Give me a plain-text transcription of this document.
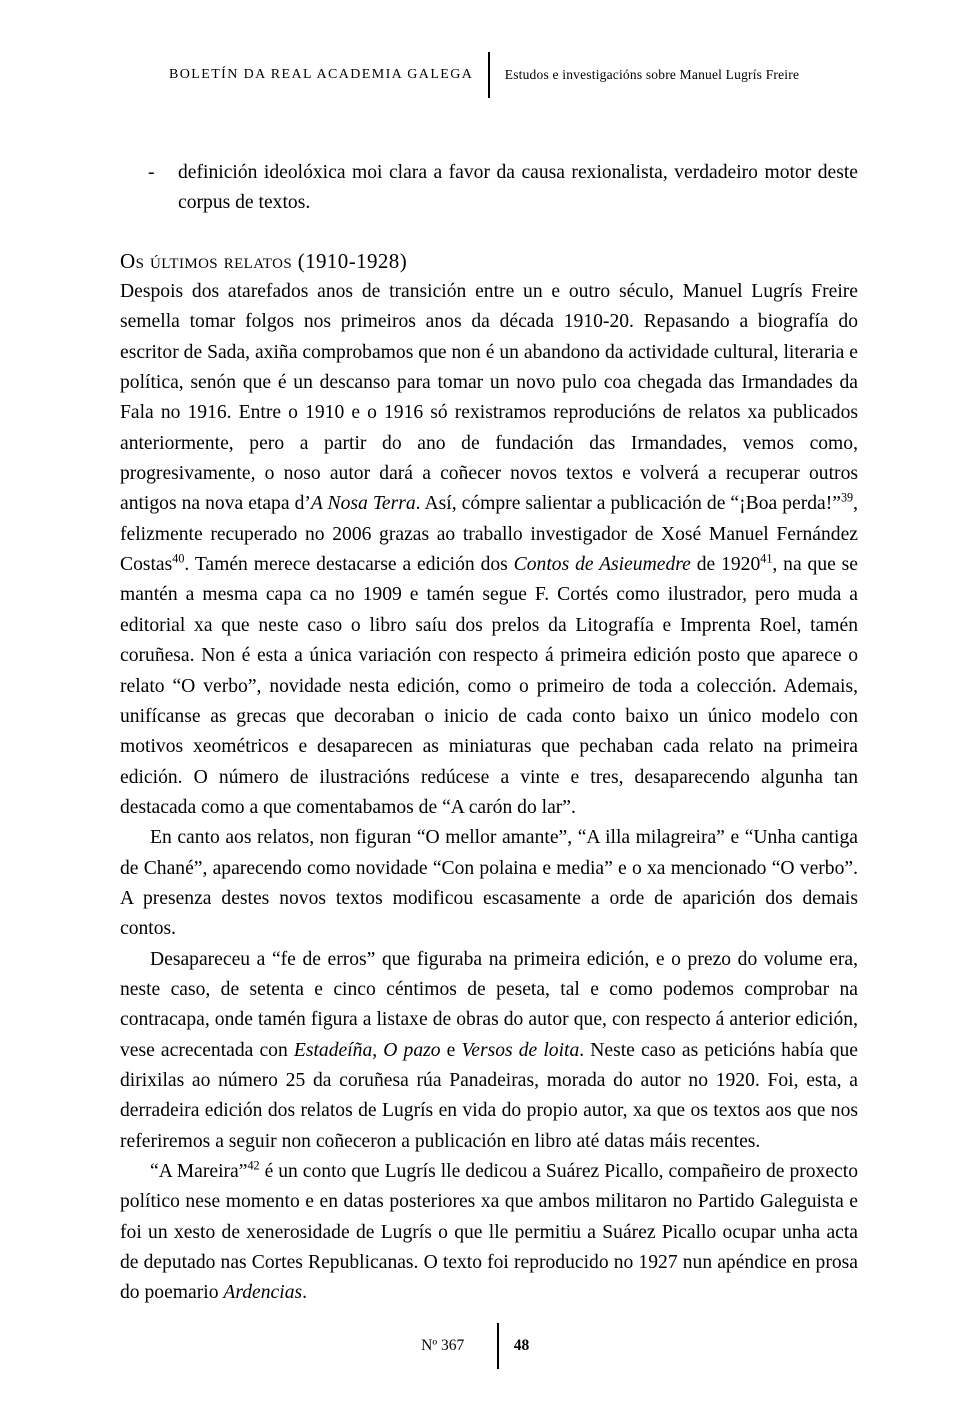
BOLETÍN DA REAL ACADEMIA GALEGA	Estudos e investigacións sobre Manuel Lugrís Freire
-	definición ideolóxica moi clara a favor da causa rexionalista, verdadeiro motor deste corpus de textos.
Os últimos relatos (1910-1928)

Despois dos atarefados anos de transición entre un e outro século, Manuel Lugrís Freire semella tomar folgos nos primeiros anos da década 1910-20. Repasando a biografía do escritor de Sada, axiña comprobamos que non é un abandono da actividade cultural, literaria e política, senón que é un descanso para tomar un novo pulo coa chegada das Irmandades da Fala no 1916. Entre o 1910 e o 1916 só rexistramos reproducións de relatos xa publicados anteriormente, pero a partir do ano de fundación das Irmandades, vemos como, progresivamente, o noso autor dará a coñecer novos textos e volverá a recuperar outros antigos na nova etapa d’A Nosa Terra. Así, cómpre salientar a publicación de “¡Boa perda!”$^{39}$, felizmente recuperado no 2006 grazas ao traballo investigador de Xosé Manuel Fernández Costas$^{40}$. Tamén merece destacarse a edición dos Contos de Asieumedre de 1920$^{41}$, na que se mantén a mesma capa ca no 1909 e tamén segue F. Cortés como ilustrador, pero muda a editorial xa que neste caso o libro saíu dos prelos da Litografía e Imprenta Roel, tamén coruñesa. Non é esta a única variación con respecto á primeira edición posto que aparece o relato “O verbo”, novidade nesta edición, como o primeiro de toda a colección. Ademais, unifícanse as grecas que decoraban o inicio de cada conto baixo un único modelo con motivos xeométricos e desaparecen as miniaturas que pechaban cada relato na primeira edición. O número de ilustracións redúcese a vinte e tres, desaparecendo algunha tan destacada como a que comentabamos de “A carón do lar”.

En canto aos relatos, non figuran “O mellor amante”, “A illa milagreira” e “Unha cantiga de Chané”, aparecendo como novidade “Con polaina e media” e o xa mencionado “O verbo”. A presenza destes novos textos modificou escasamente a orde de aparición dos demais contos.

Desapareceu a “fe de erros” que figuraba na primeira edición, e o prezo do volume era, neste caso, de setenta e cinco céntimos de peseta, tal e como podemos comprobar na contracapa, onde tamén figura a listaxe de obras do autor que, con respecto á anterior edición, vese acrecentada con Estadeíña, O pazo e Versos de loita. Neste caso as peticións había que dirixilas ao número 25 da coruñesa rúa Panadeiras, morada do autor no 1920. Foi, esta, a derradeira edición dos relatos de Lugrís en vida do propio autor, xa que os textos aos que nos referiremos a seguir non coñeceron a publicación en libro até datas máis recentes.

“A Mareira”$^{42}$ é un conto que Lugrís lle dedicou a Suárez Picallo, compañeiro de proxecto político nese momento e en datas posteriores xa que ambos militaron no Partido Galeguista e foi un xesto de xenerosidade de Lugrís o que lle permitiu a Suárez Picallo ocupar unha acta de deputado nas Cortes Republicanas. O texto foi reproducido no 1927 nun apéndice en prosa do poemario Ardencias.

Nº 367	48
